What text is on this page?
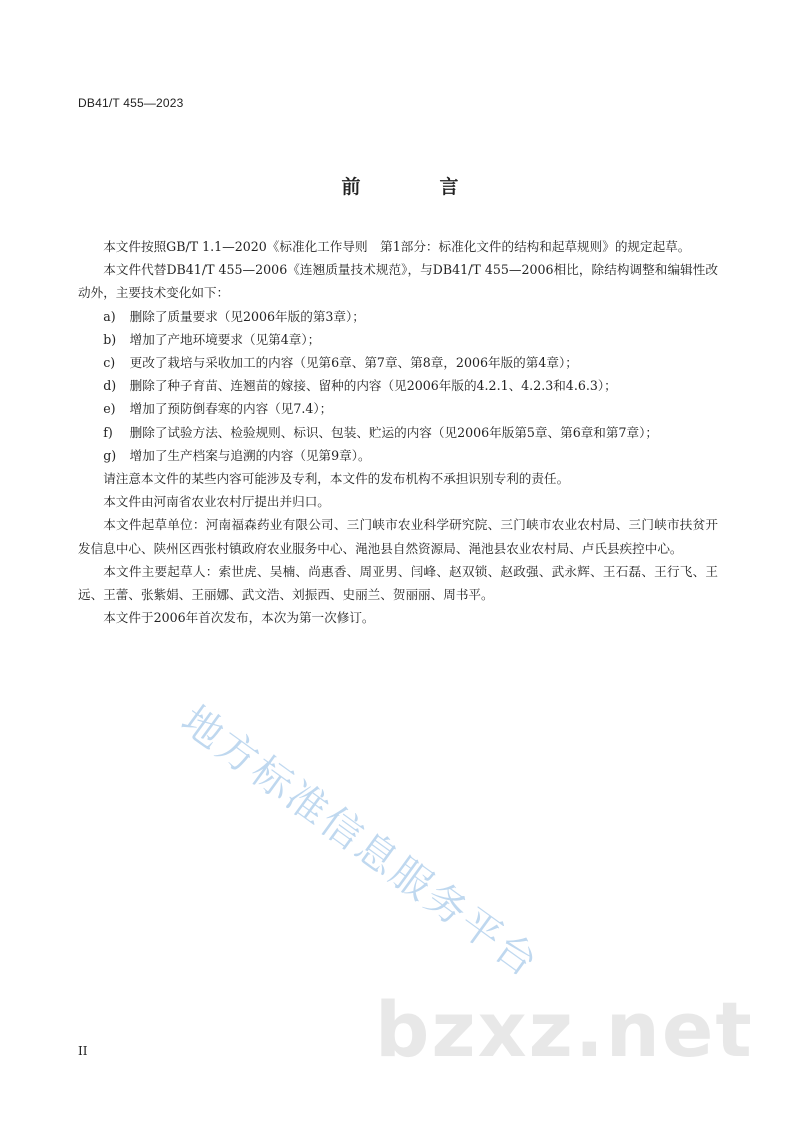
DB41/T 455—2023
前　言

本文件按照GB/T 1.1—2020《标准化工作导则　第1部分：标准化文件的结构和起草规则》的规定起草。

本文件代替DB41/T 455—2006《连翘质量技术规范》，与DB41/T 455—2006相比，除结构调整和编辑性改动外，主要技术变化如下：

a)	删除了质量要求（见2006年版的第3章）；
b)	增加了产地环境要求（见第4章）；
c)	更改了栽培与采收加工的内容（见第6章、第7章、第8章，2006年版的第4章）；
d)	删除了种子育苗、连翘苗的嫁接、留种的内容（见2006年版的4.2.1、4.2.3和4.6.3）；
e)	增加了预防倒春寒的内容（见7.4）；
f)	删除了试验方法、检验规则、标识、包装、贮运的内容（见2006年版第5章、第6章和第7章）；
g)	增加了生产档案与追溯的内容（见第9章）。

请注意本文件的某些内容可能涉及专利，本文件的发布机构不承担识别专利的责任。

本文件由河南省农业农村厅提出并归口。

本文件起草单位：河南福森药业有限公司、三门峡市农业科学研究院、三门峡市农业农村局、三门峡市扶贫开发信息中心、陕州区西张村镇政府农业服务中心、渑池县自然资源局、渑池县农业农村局、卢氏县疾控中心。

本文件主要起草人：索世虎、吴楠、尚惠香、周亚男、闫峰、赵双锁、赵政强、武永辉、王石磊、王行飞、王远、王蕾、张紫娟、王丽娜、武文浩、刘振西、史丽兰、贺丽丽、周书平。

本文件于2006年首次发布，本次为第一次修订。

地方标准信息服务平台
bzxz.net
II
